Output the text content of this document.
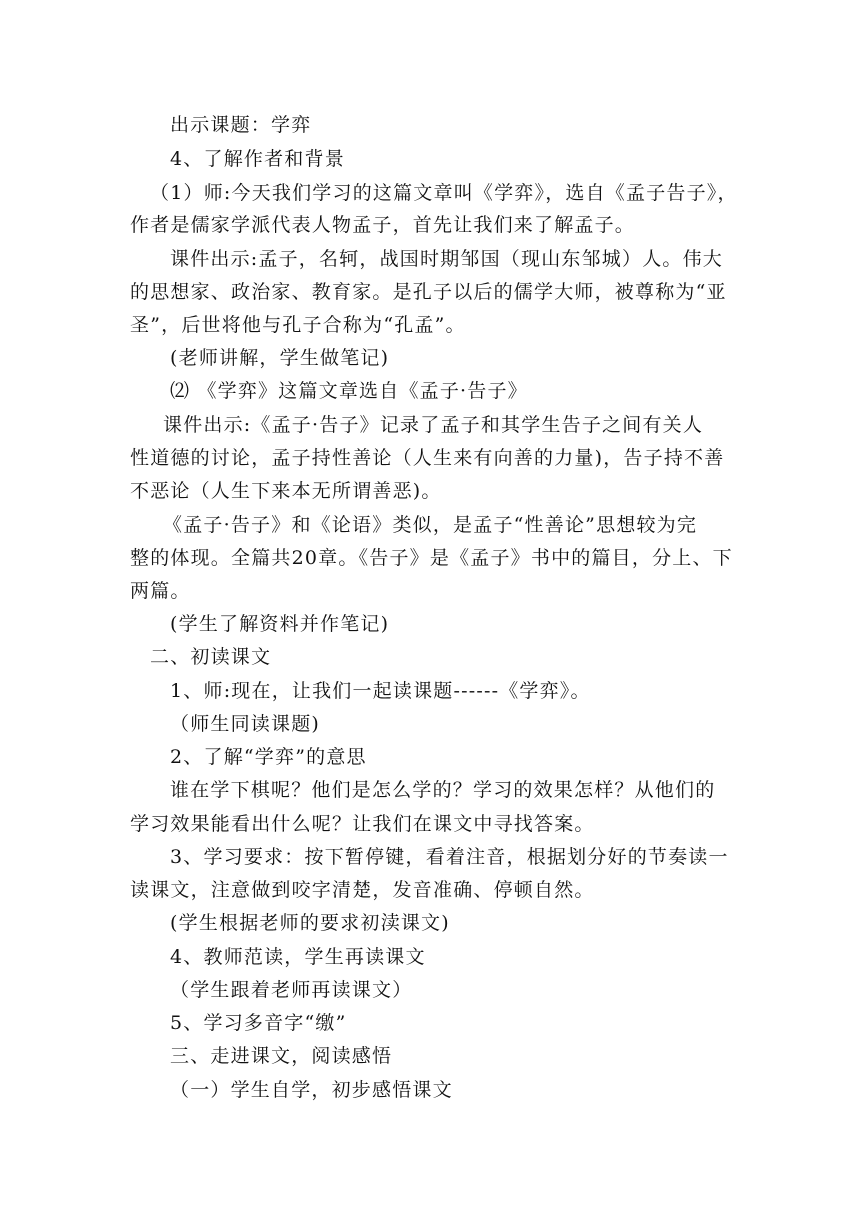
出示课题：学弈
4、了解作者和背景
（1）师:今天我们学习的这篇文章叫《学弈》，选自《孟子告子》，
作者是儒家学派代表人物孟子，首先让我们来了解孟子。
课件出示:孟子，名轲，战国时期邹国（现山东邹城）人。伟大
的思想家、政治家、教育家。是孔子以后的儒学大师，被尊称为“亚
圣”，后世将他与孔子合称为“孔孟”。
(老师讲解，学生做笔记)
⑵ 《学弈》这篇文章选自《孟子·告子》
课件出示:《孟子·告子》记录了孟子和其学生告子之间有关人
性道德的讨论，孟子持性善论（人生来有向善的力量)，告子持不善
不恶论（人生下来本无所谓善恶)。
《孟子·告子》和《论语》类似，是孟子“性善论”思想较为完
整的体现。全篇共20章。《告子》是《孟子》书中的篇目，分上、下
两篇。
(学生了解资料并作笔记)
二、初读课文
1、师:现在，让我们一起读课题------《学弈》。
（师生同读课题)
2、了解“学弈”的意思
谁在学下棋呢？他们是怎么学的？学习的效果怎样？从他们的
学习效果能看出什么呢？让我们在课文中寻找答案。
3、学习要求：按下暂停键，看着注音，根据划分好的节奏读一
读课文，注意做到咬字清楚，发音准确、停顿自然。
(学生根据老师的要求初渎课文)
4、教师范读，学生再读课文
（学生跟着老师再读课文）
5、学习多音字“缴”
三、走进课文，阅读感悟
（一）学生自学，初步感悟课文
